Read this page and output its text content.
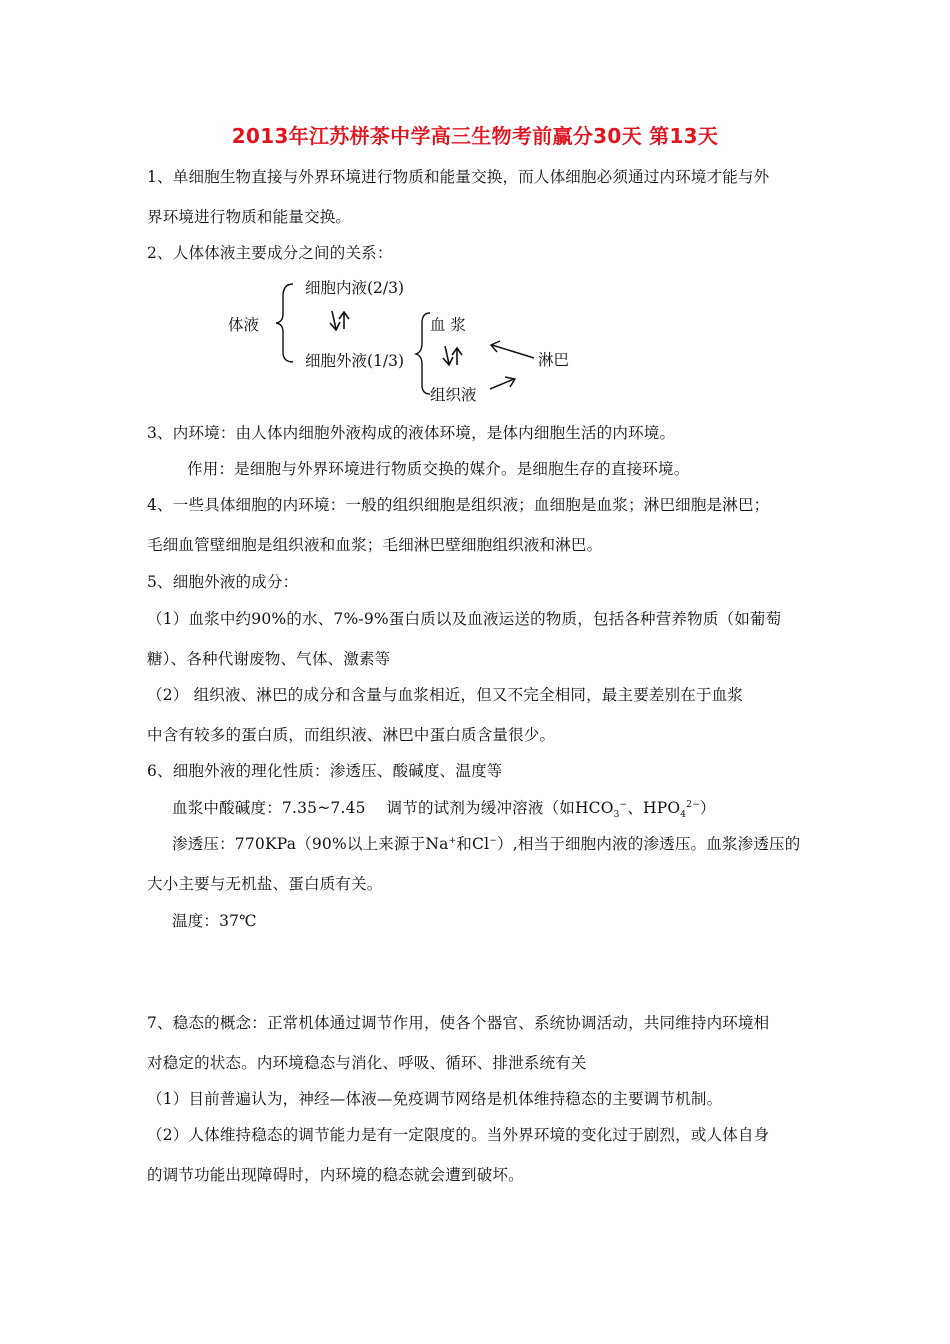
2013年江苏栟茶中学高三生物考前赢分30天 第13天
1、单细胞生物直接与外界环境进行物质和能量交换，而人体细胞必须通过内环境才能与外
界环境进行物质和能量交换。
2、人体体液主要成分之间的关系：
体液
细胞内液(2/3)
细胞外液(1/3)
血 浆
组织液
淋巴
3、内环境：由人体内细胞外液构成的液体环境，是体内细胞生活的内环境。
作用：是细胞与外界环境进行物质交换的媒介。是细胞生存的直接环境。
4、一些具体细胞的内环境：一般的组织细胞是组织液；血细胞是血浆；淋巴细胞是淋巴；
毛细血管壁细胞是组织液和血浆；毛细淋巴壁细胞组织液和淋巴。
5、细胞外液的成分：
（1）血浆中约90%的水、7%-9%蛋白质以及血液运送的物质，包括各种营养物质（如葡萄
糖）、各种代谢废物、气体、激素等
（2） 组织液、淋巴的成分和含量与血浆相近，但又不完全相同，最主要差别在于血浆
中含有较多的蛋白质，而组织液、淋巴中蛋白质含量很少。
6、细胞外液的理化性质：渗透压、酸碱度、温度等
血浆中酸碱度：7.35~7.45　 调节的试剂为缓冲溶液（如$HCO_3^-$、$HPO_4^{2-}$）
渗透压：770KPa（90%以上来源于Na+和Cl−）,相当于细胞内液的渗透压。血浆渗透压的
大小主要与无机盐、蛋白质有关。
温度：37℃
7、稳态的概念：正常机体通过调节作用，使各个器官、系统协调活动，共同维持内环境相
对稳定的状态。内环境稳态与消化、呼吸、循环、排泄系统有关
（1）目前普遍认为，神经—体液—免疫调节网络是机体维持稳态的主要调节机制。
（2）人体维持稳态的调节能力是有一定限度的。当外界环境的变化过于剧烈，或人体自身
的调节功能出现障碍时，内环境的稳态就会遭到破坏。
